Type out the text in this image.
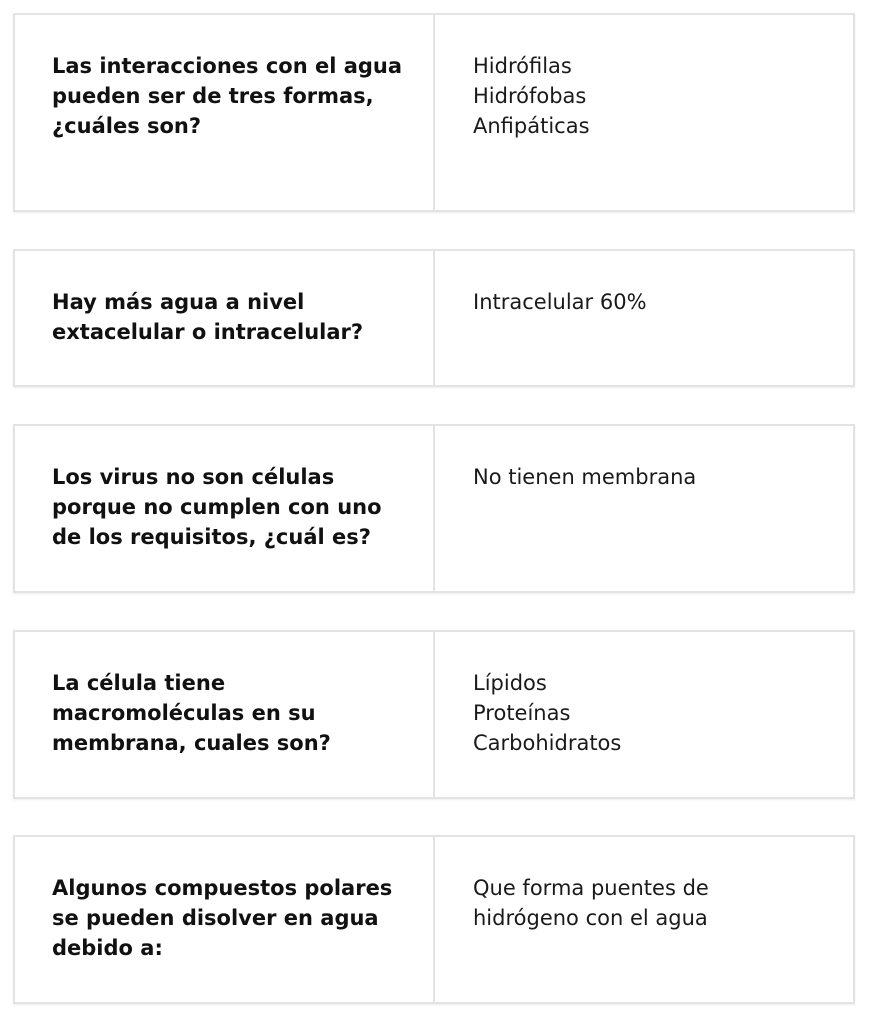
Las interacciones con el agua
pueden ser de tres formas,
¿cuáles son?
Hidrófilas
Hidrófobas
Anfipáticas
Hay más agua a nivel
extacelular o intracelular?
Intracelular 60%
Los virus no son células
porque no cumplen con uno
de los requisitos, ¿cuál es?
No tienen membrana
La célula tiene
macromoléculas en su
membrana, cuales son?
Lípidos
Proteínas
Carbohidratos
Algunos compuestos polares
se pueden disolver en agua
debido a:
Que forma puentes de
hidrógeno con el agua
